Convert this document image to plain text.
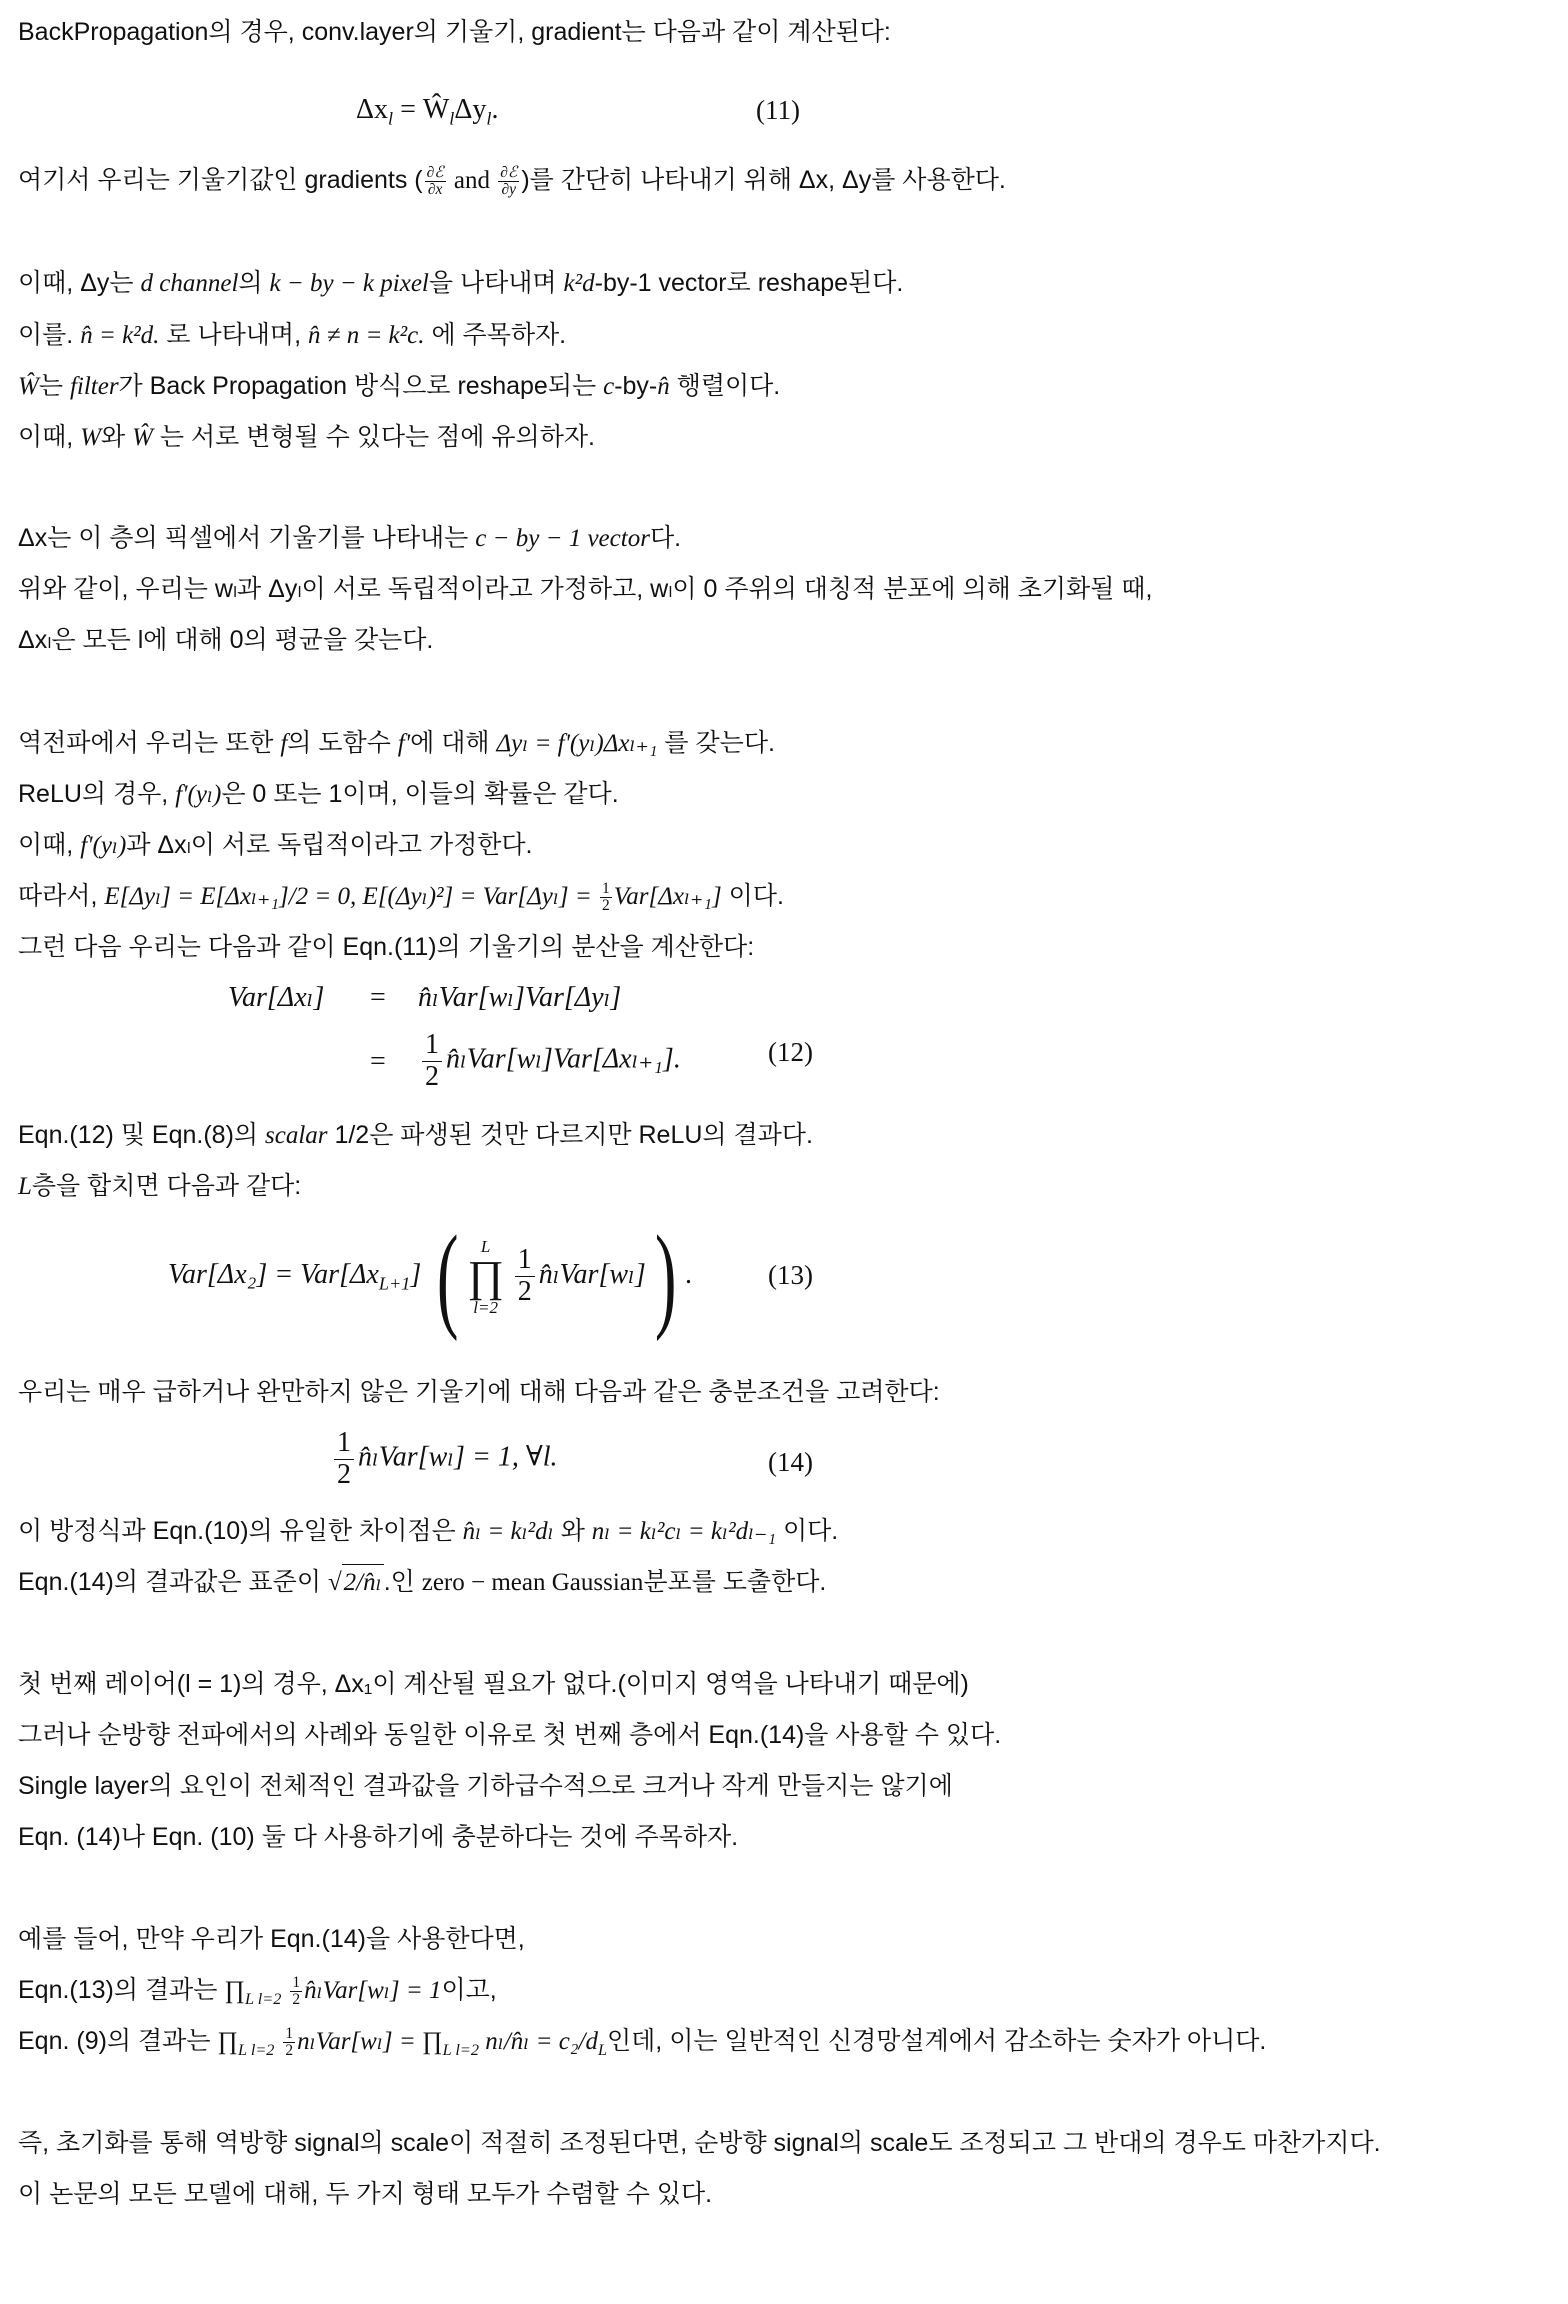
BackPropagation의 경우, conv.layer의 기울기, gradient는 다음과 같이 계산된다:
$\Delta x_l$ = $Ŵ_l\Delta y_l$.	(11)
여기서 우리는 기울기값인 gradients ( $\frac{\text{∂ℰ}}{\partial x}$ and $\frac{\text{∂ℰ}}{\partial y}$ )를 간단히 나타내기 위해 Δx, Δy를 사용한다.
이때, Δy는 d channel의 k − by − k pixel을 나타내며 k²d-by-1 vector로 reshape된다.
이를. n̂ = k²d. 로 나타내며, n̂ ≠ n = k²c. 에 주목하자.
Ŵ는 filter가 Back Propagation 방식으로 reshape되는 c-by-n̂ 행렬이다.
이때, W와 Ŵ 는 서로 변형될 수 있다는 점에 유의하자.
Δx는 이 층의 픽셀에서 기울기를 나타내는 c − by − 1 vector다.
위와 같이, 우리는 wₗ과 Δyₗ이 서로 독립적이라고 가정하고, wₗ이 0 주위의 대칭적 분포에 의해 초기화될 때,
Δxₗ은 모든 l에 대해 0의 평균을 갖는다.
역전파에서 우리는 또한 f의 도함수 f'에 대해 Δyₗ = f'(yₗ)Δxₗ₊₁ 를 갖는다.
ReLU의 경우, f'(yₗ)은 0 또는 1이며, 이들의 확률은 같다.
이때, f'(yₗ)과 Δxₗ이 서로 독립적이라고 가정한다.
따라서, E[Δyₗ] = E[Δxₗ₊₁]/2 = 0, $E[(\Delta y_l)^2] = Var[\Delta y_l] = \frac{1}{2} Var[\Delta x_{l+1}]$ 이다.
그런 다음 우리는 다음과 같이 Eqn.(11)의 기울기의 분산을 계산한다:
Var[Δxₗ] = n̂ₗVar[wₗ]Var[Δyₗ]
= $\frac{1}{2}$ n̂ₗVar[wₗ]Var[Δxₗ₊₁].	(12)
Eqn.(12) 및 Eqn.(8)의 scalar 1/2은 파생된 것만 다르지만 ReLU의 결과다.
L층을 합치면 다음과 같다:
$Var[\Delta x_2] = Var[\Delta x_{L+1}]$ (	L
∏
l=2
$\frac{1}{2}$ n̂ₗVar[wₗ]) .	(13)
우리는 매우 급하거나 완만하지 않은 기울기에 대해 다음과 같은 충분조건을 고려한다:
$\frac{1}{2}$ n̂ₗVar[wₗ] = 1, ∀l.	(14)
이 방정식과 Eqn.(10)의 유일한 차이점은 n̂ₗ = kₗ²dₗ 와 nₗ = kₗ²cₗ = kₗ²dₗ₋₁ 이다.
Eqn.(14)의 결과값은 표준이 √2/n̂ₗ.인 zero − mean Gaussian분포를 도출한다.
첫 번째 레이어(l = 1)의 경우, Δx₁이 계산될 필요가 없다.(이미지 영역을 나타내기 때문에)
그러나 순방향 전파에서의 사례와 동일한 이유로 첫 번째 층에서 Eqn.(14)을 사용할 수 있다.
Single layer의 요인이 전체적인 결과값을 기하급수적으로 크거나 작게 만들지는 않기에
Eqn. (14)나 Eqn. (10) 둘 다 사용하기에 충분하다는 것에 주목하자.
예를 들어, 만약 우리가 Eqn.(14)을 사용한다면,
Eqn.(13)의 결과는 $\prod_{L l=2} \frac{1}{2}$ n̂ₗVar[wₗ] = 1이고,
Eqn. (9)의 결과는 $\prod_{L l=2} \frac{1}{2} n_lVar[w_l]$ = $\prod_{L l=2}$ nₗ/n̂ₗ = $c_2/d_L$인데, 이는 일반적인 신경망설계에서 감소하는 숫자가 아니다.
즉, 초기화를 통해 역방향 signal의 scale이 적절히 조정된다면, 순방향 signal의 scale도 조정되고 그 반대의 경우도 마찬가지다.
이 논문의 모든 모델에 대해, 두 가지 형태 모두가 수렴할 수 있다.
